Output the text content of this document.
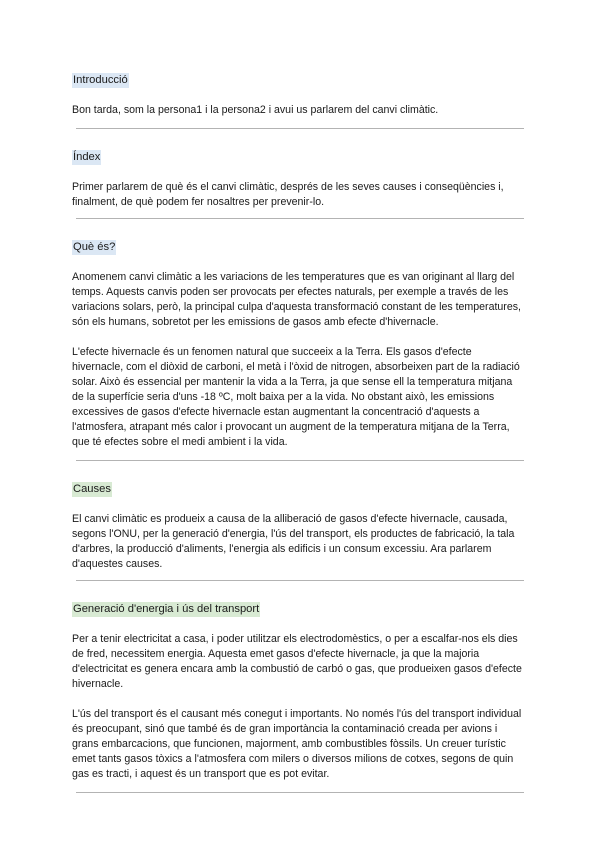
Introducció

Bon tarda, som la persona1 i la persona2 i avui us parlarem del canvi climàtic.

Índex

Primer parlarem de què és el canvi climàtic, després de les seves causes i conseqüències i, finalment, de què podem fer nosaltres per prevenir-lo.

Què és?

Anomenem canvi climàtic a les variacions de les temperatures que es van originant al llarg del temps. Aquests canvis poden ser provocats per efectes naturals, per exemple a través de les variacions solars, però, la principal culpa d'aquesta transformació constant de les temperatures, són els humans, sobretot per les emissions de gasos amb efecte d'hivernacle.

L'efecte hivernacle és un fenomen natural que succeeix a la Terra. Els gasos d'efecte hivernacle, com el diòxid de carboni, el metà i l'òxid de nitrogen, absorbeixen part de la radiació solar. Això és essencial per mantenir la vida a la Terra, ja que sense ell la temperatura mitjana de la superfície seria d'uns -18 ºC, molt baixa per a la vida. No obstant això, les emissions excessives de gasos d'efecte hivernacle estan augmentant la concentració d'aquests a l'atmosfera, atrapant més calor i provocant un augment de la temperatura mitjana de la Terra, que té efectes sobre el medi ambient i la vida.

Causes

El canvi climàtic es produeix a causa de la alliberació de gasos d'efecte hivernacle, causada, segons l'ONU, per la generació d'energia, l'ús del transport, els productes de fabricació, la tala d'arbres, la producció d'aliments, l'energia als edificis i un consum excessiu. Ara parlarem d'aquestes causes.

Generació d'energia i ús del transport

Per a tenir electricitat a casa, i poder utilitzar els electrodomèstics, o per a escalfar-nos els dies de fred, necessitem energia. Aquesta emet gasos d'efecte hivernacle, ja que la majoria d'electricitat es genera encara amb la combustió de carbó o gas, que produeixen gasos d'efecte hivernacle.

L'ús del transport és el causant més conegut i importants. No només l'ús del transport individual és preocupant, sinó que també és de gran importància la contaminació creada per avions i grans embarcacions, que funcionen, majorment, amb combustibles fòssils. Un creuer turístic emet tants gasos tòxics a l'atmosfera com milers o diversos milions de cotxes, segons de quin gas es tracti, i aquest és un transport que es pot evitar.
